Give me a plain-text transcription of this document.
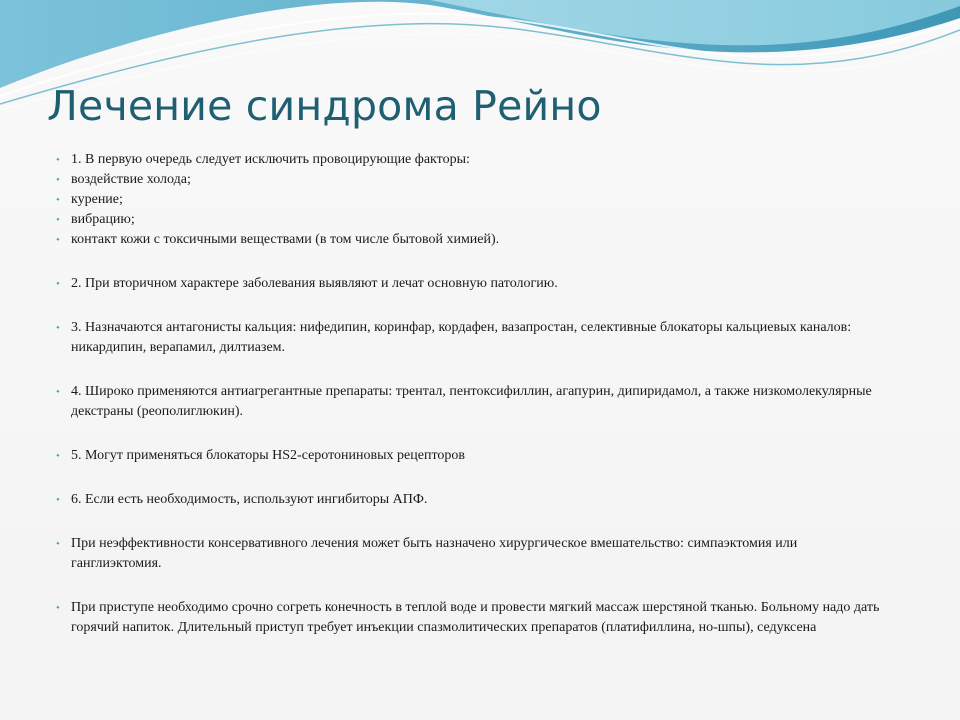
Лечение синдрома Рейно
• 1. В первую очередь следует исключить провоцирующие факторы:
• воздействие холода;
• курение;
• вибрацию;
• контакт кожи с токсичными веществами (в том числе бытовой химией).
• 2. При вторичном характере заболевания выявляют и лечат основную патологию.
• 3. Назначаются антагонисты кальция: нифедипин, коринфар, кордафен, вазапростан, селективные блокаторы кальциевых каналов: никардипин, верапамил, дилтиазем.
• 4. Широко применяются антиагрегантные препараты: трентал, пентоксифиллин, агапурин, дипиридамол, а также низкомолекулярные декстраны (реополиглюкин).
• 5. Могут применяться блокаторы HS2-серотониновых рецепторов
• 6. Если есть необходимость, используют ингибиторы АПФ.
• При неэффективности консервативного лечения может быть назначено хирургическое вмешательство: симпаэктомия или ганглиэктомия.
• При приступе необходимо срочно согреть конечность в теплой воде и провести мягкий массаж шерстяной тканью. Больному надо дать горячий напиток. Длительный приступ требует инъекции спазмолитических препаратов (платифиллина, но-шпы), седуксена
